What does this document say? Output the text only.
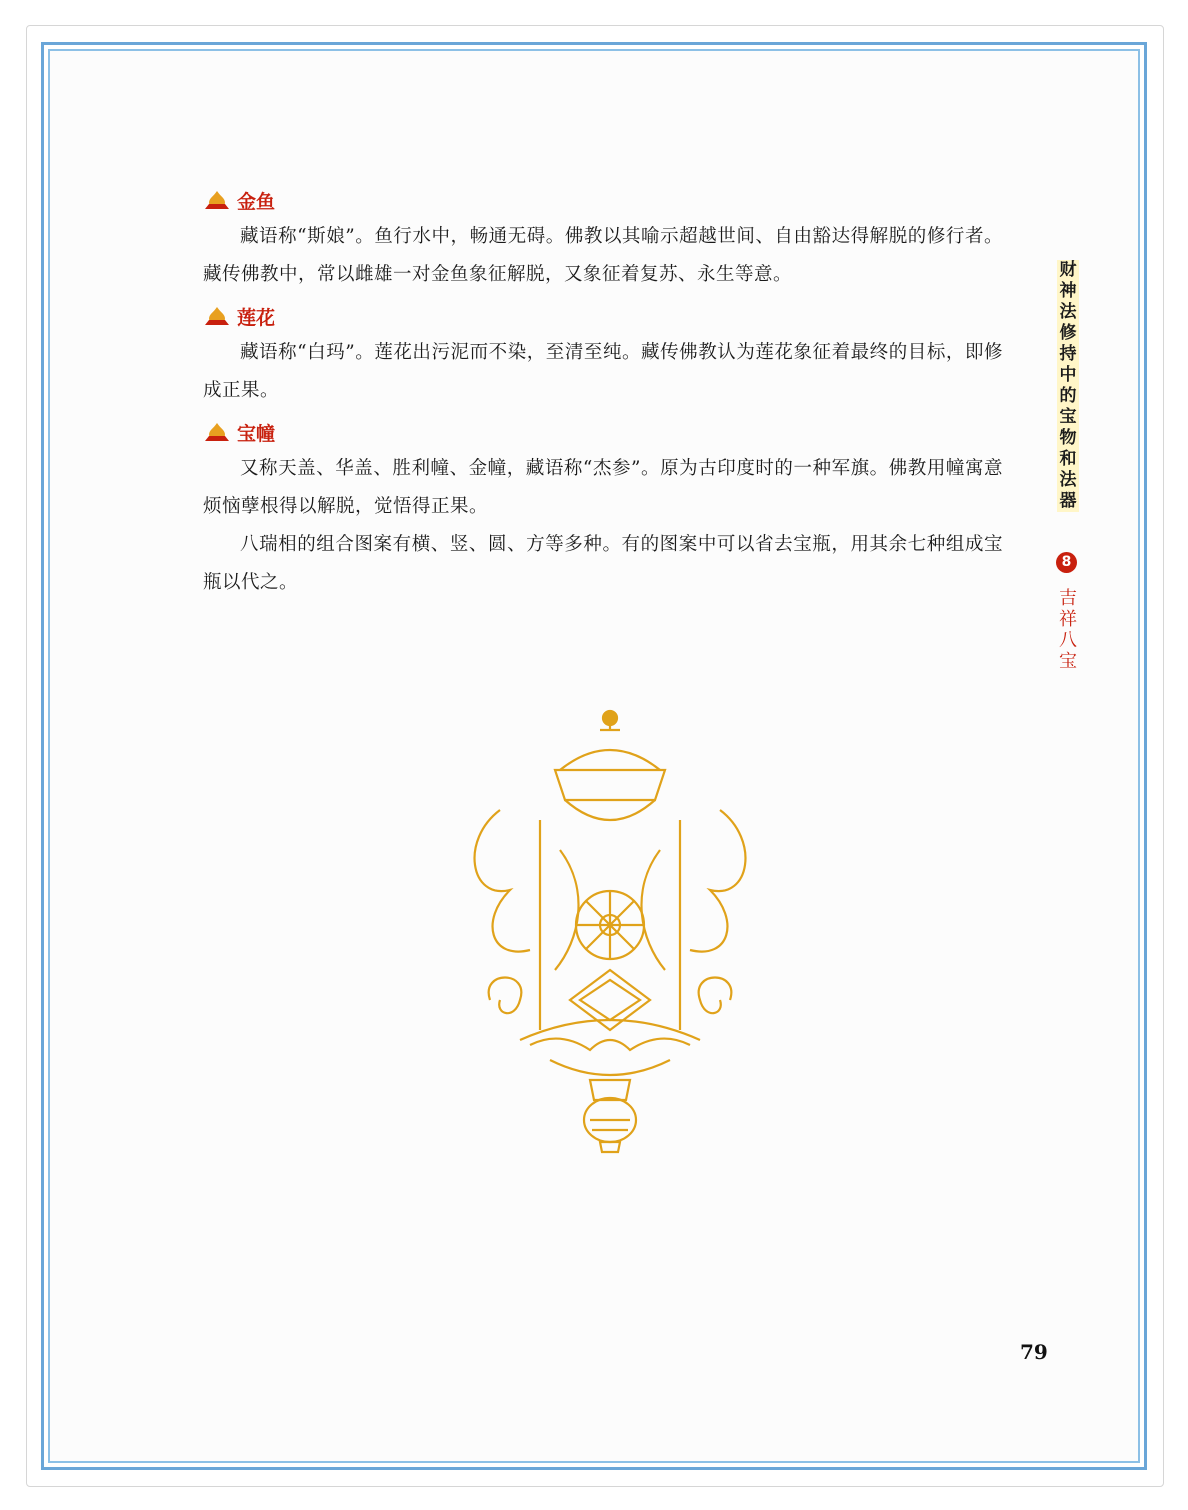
金鱼

藏语称“斯娘”。鱼行水中，畅通无碍。佛教以其喻示超越世间、自由豁达得解脱的修行者。藏传佛教中，常以雌雄一对金鱼象征解脱，又象征着复苏、永生等意。

莲花

藏语称“白玛”。莲花出污泥而不染，至清至纯。藏传佛教认为莲花象征着最终的目标，即修成正果。

宝幢

又称天盖、华盖、胜利幢、金幢，藏语称“杰参”。原为古印度时的一种军旗。佛教用幢寓意烦恼孽根得以解脱，觉悟得正果。

八瑞相的组合图案有横、竖、圆、方等多种。有的图案中可以省去宝瓶，用其余七种组成宝瓶以代之。

财
神
法
修
持
中
的
宝
物
和
法
器
8
吉
祥
八
宝
79
